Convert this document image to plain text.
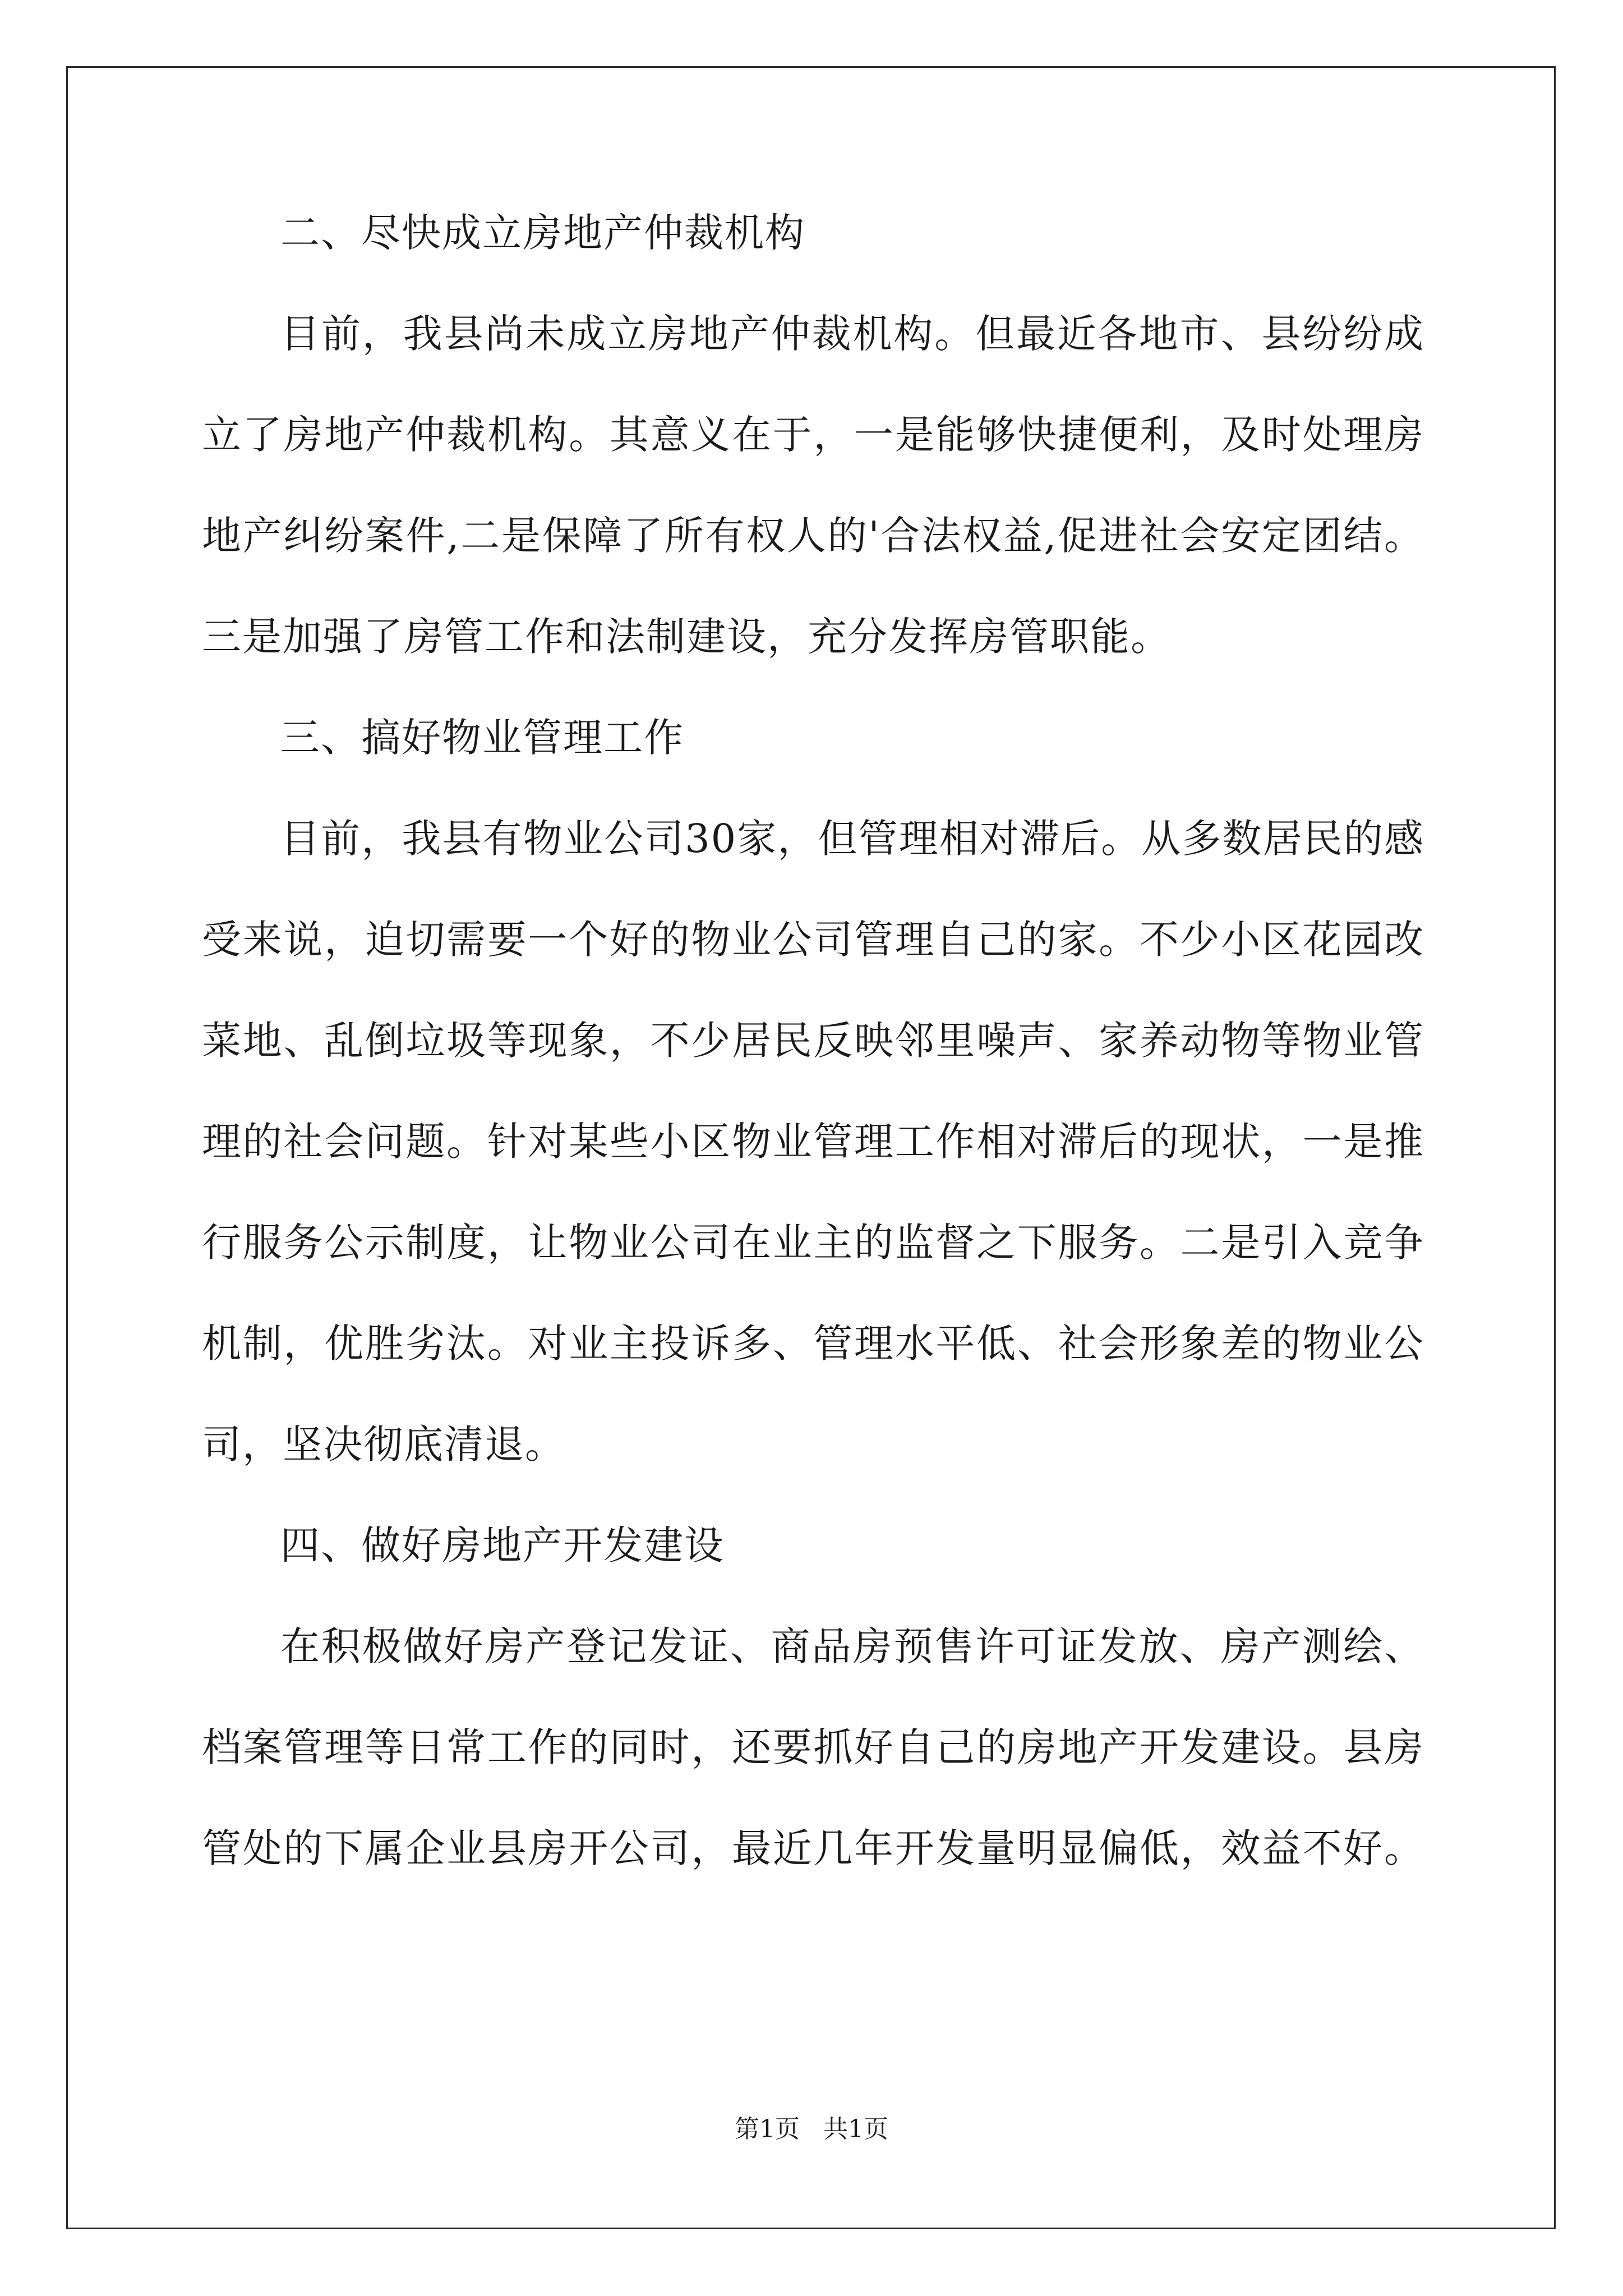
二、尽快成立房地产仲裁机构
目前，我县尚未成立房地产仲裁机构。但最近各地市、县纷纷成
立了房地产仲裁机构。其意义在于，一是能够快捷便利，及时处理房
地产纠纷案件,二是保障了所有权人的'合法权益,促进社会安定团结。
三是加强了房管工作和法制建设，充分发挥房管职能。
三、搞好物业管理工作
目前，我县有物业公司30家，但管理相对滞后。从多数居民的感
受来说，迫切需要一个好的物业公司管理自己的家。不少小区花园改
菜地、乱倒垃圾等现象，不少居民反映邻里噪声、家养动物等物业管
理的社会问题。针对某些小区物业管理工作相对滞后的现状，一是推
行服务公示制度，让物业公司在业主的监督之下服务。二是引入竞争
机制，优胜劣汰。对业主投诉多、管理水平低、社会形象差的物业公
司，坚决彻底清退。
四、做好房地产开发建设
在积极做好房产登记发证、商品房预售许可证发放、房产测绘、
档案管理等日常工作的同时，还要抓好自己的房地产开发建设。县房
管处的下属企业县房开公司，最近几年开发量明显偏低，效益不好。
第1页 共1页
